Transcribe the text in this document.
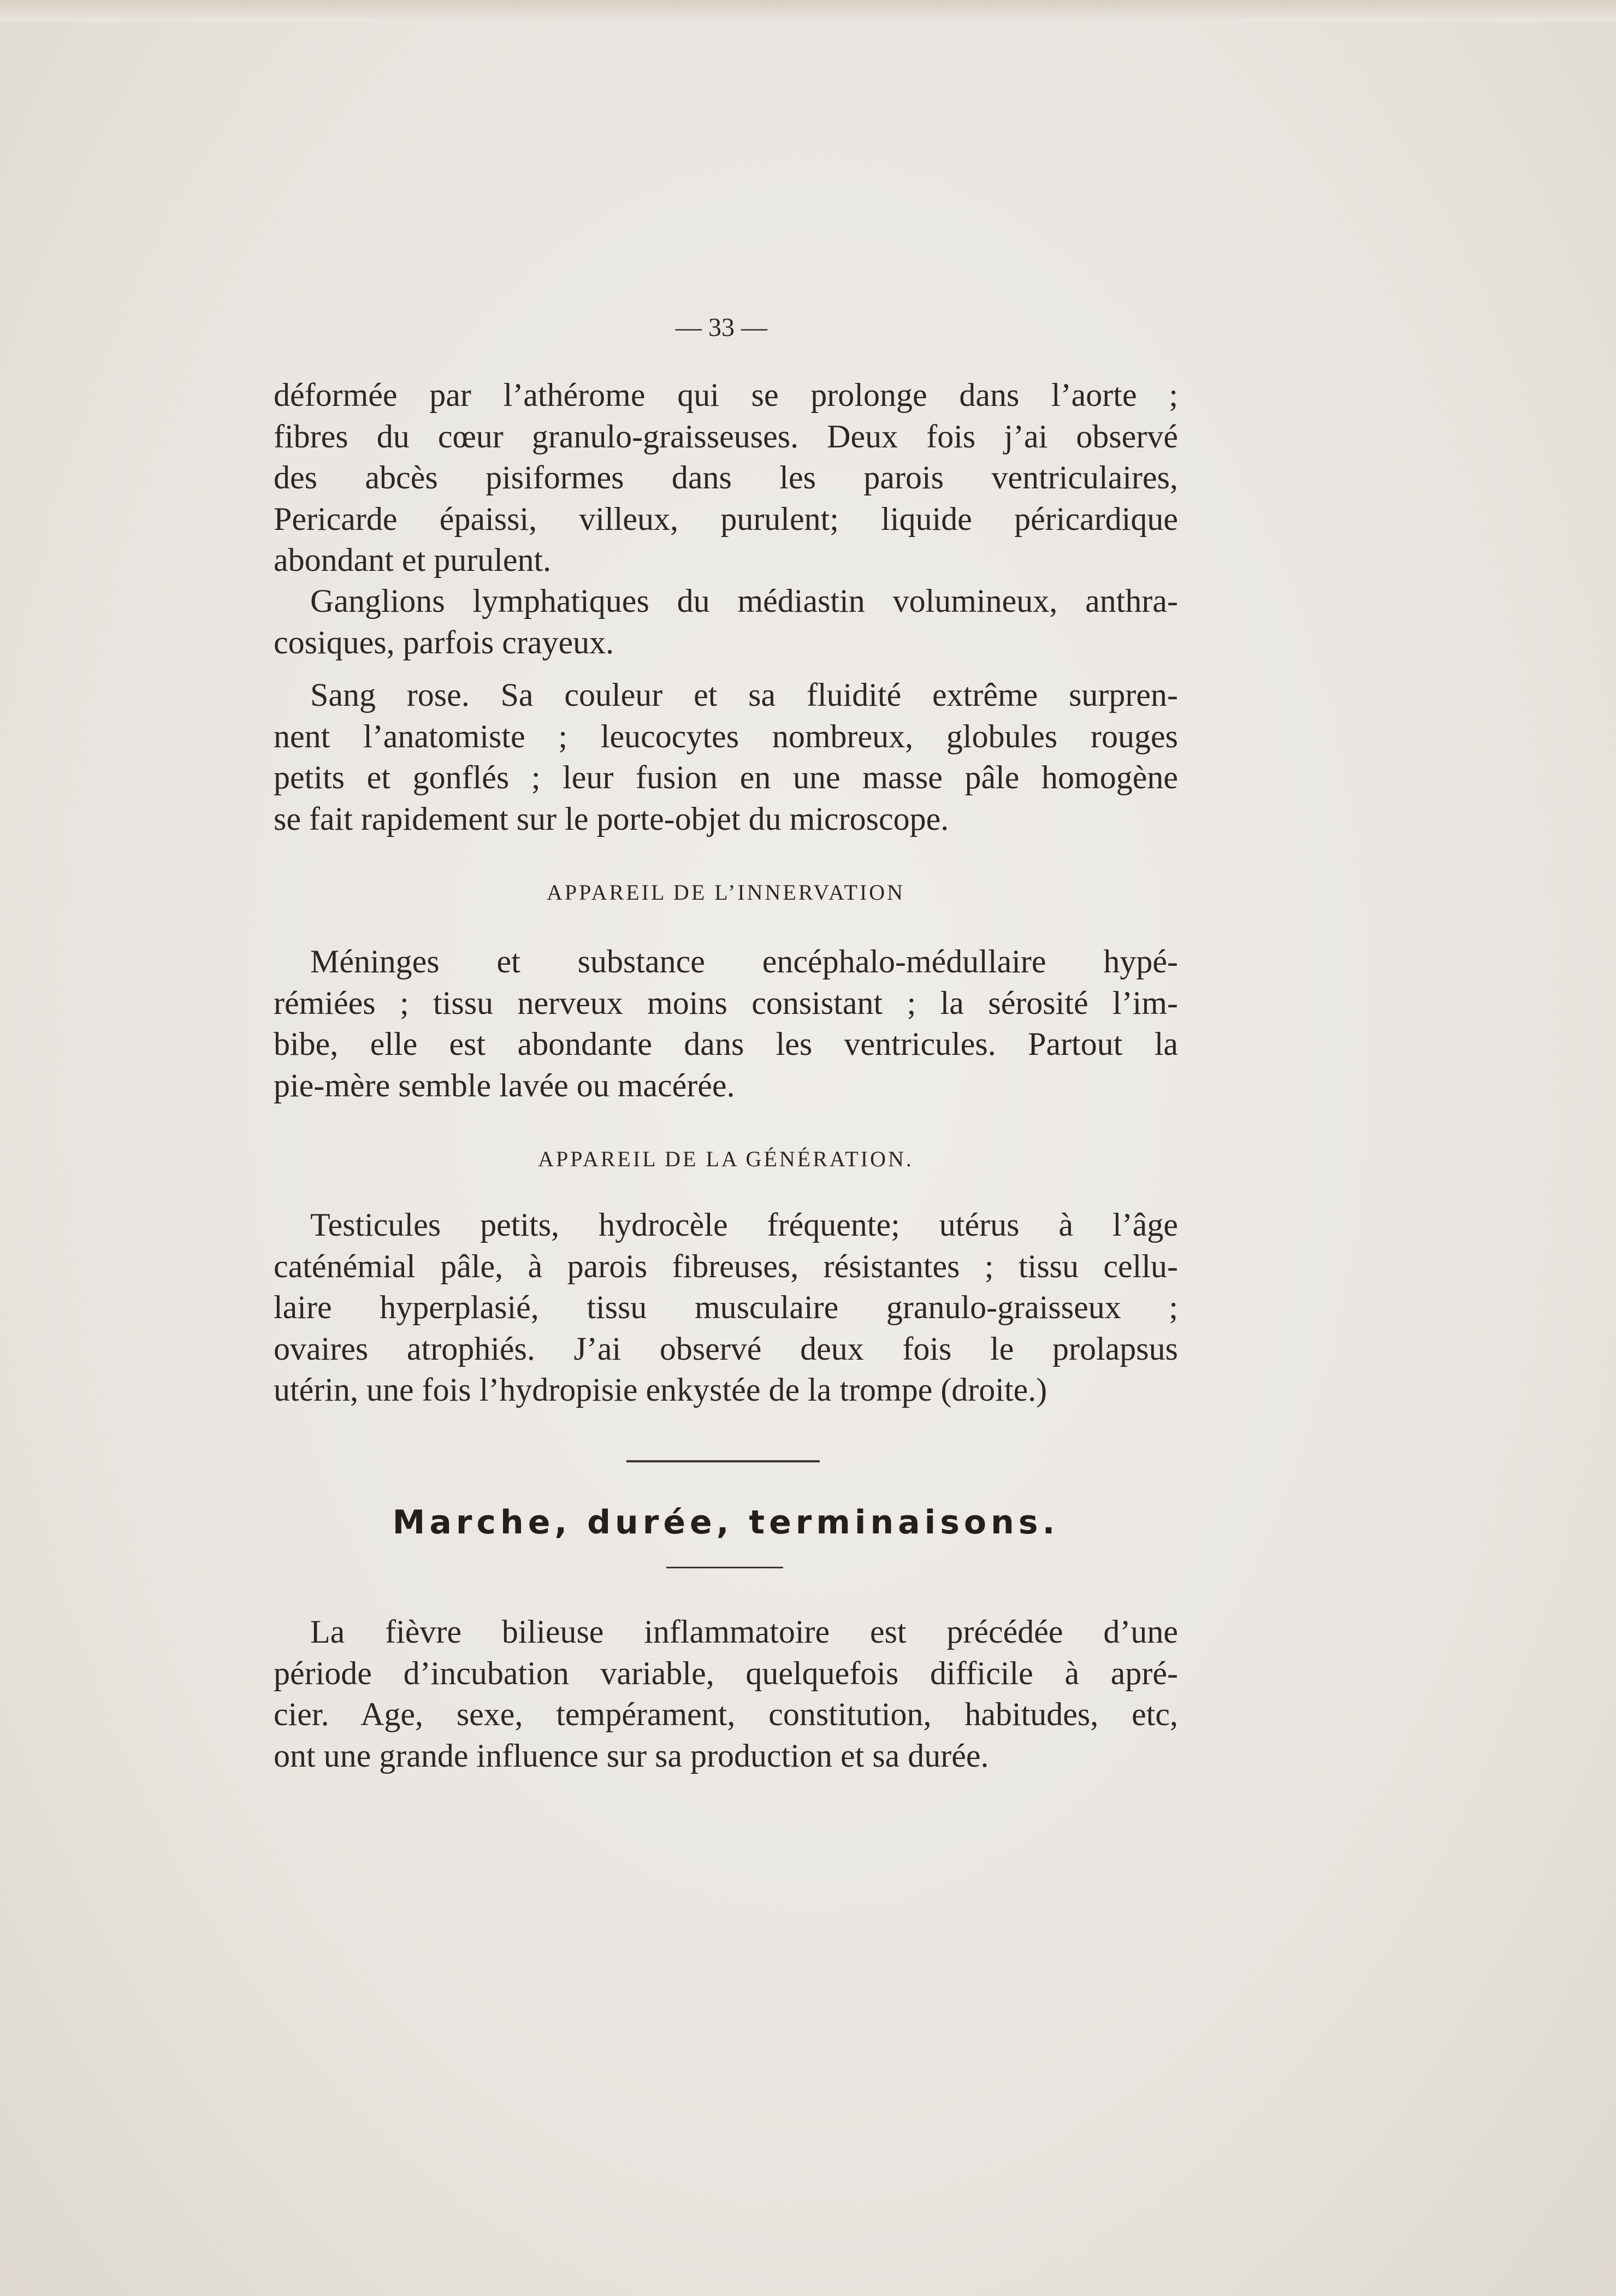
— 33 —
déformée par l’athérome qui se prolonge dans l’aorte ;
fibres du cœur granulo-graisseuses. Deux fois j’ai observé
des abcès pisiformes dans les parois ventriculaires,
Pericarde épaissi, villeux, purulent; liquide péricardique
abondant et purulent.
Ganglions lymphatiques du médiastin volumineux, anthra-
cosiques, parfois crayeux.
Sang rose. Sa couleur et sa fluidité extrême surpren-
nent l’anatomiste ; leucocytes nombreux, globules rouges
petits et gonflés ; leur fusion en une masse pâle homogène
se fait rapidement sur le porte-objet du microscope.
APPAREIL DE L’INNERVATION
Méninges et substance encéphalo-médullaire hypé-
rémiées ; tissu nerveux moins consistant ; la sérosité l’im-
bibe, elle est abondante dans les ventricules. Partout la
pie-mère semble lavée ou macérée.
APPAREIL DE LA GÉNÉRATION.
Testicules petits, hydrocèle fréquente; utérus à l’âge
caténémial pâle, à parois fibreuses, résistantes ; tissu cellu-
laire hyperplasié, tissu musculaire granulo-graisseux ;
ovaires atrophiés. J’ai observé deux fois le prolapsus
utérin, une fois l’hydropisie enkystée de la trompe (droite.)
Marche, durée, terminaisons.
La fièvre bilieuse inflammatoire est précédée d’une
période d’incubation variable, quelquefois difficile à apré-
cier. Age, sexe, tempérament, constitution, habitudes, etc,
ont une grande influence sur sa production et sa durée.
